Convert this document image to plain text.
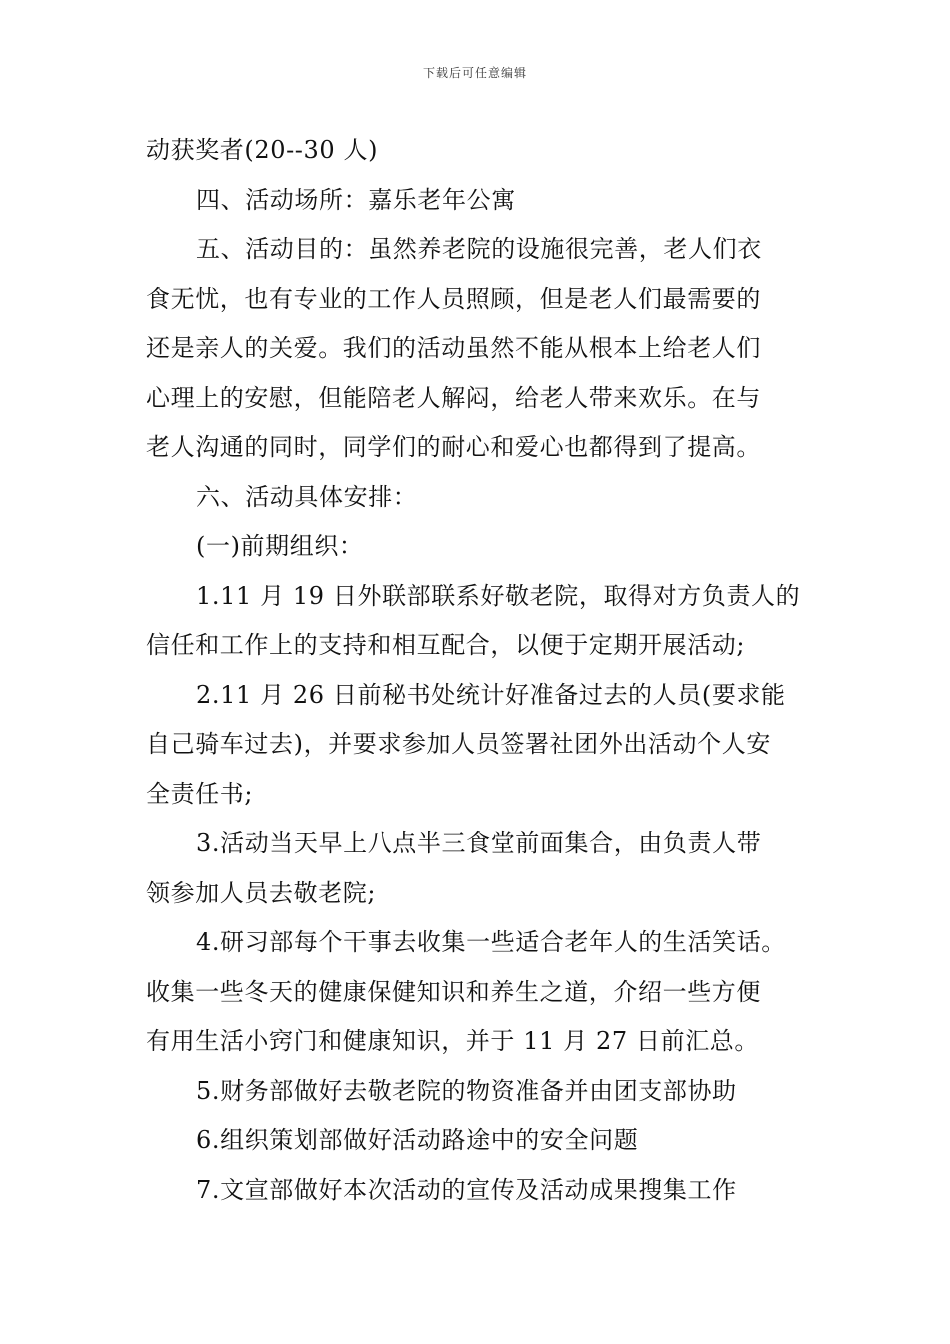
下载后可任意编辑
动获奖者(20--30 人)
四、活动场所：嘉乐老年公寓
五、活动目的：虽然养老院的设施很完善，老人们衣
食无忧，也有专业的工作人员照顾，但是老人们最需要的
还是亲人的关爱。我们的活动虽然不能从根本上给老人们
心理上的安慰，但能陪老人解闷，给老人带来欢乐。在与
老人沟通的同时，同学们的耐心和爱心也都得到了提高。
六、活动具体安排：
(一)前期组织：
1.11 月 19 日外联部联系好敬老院，取得对方负责人的
信任和工作上的支持和相互配合，以便于定期开展活动;
2.11 月 26 日前秘书处统计好准备过去的人员(要求能
自己骑车过去)，并要求参加人员签署社团外出活动个人安
全责任书;
3.活动当天早上八点半三食堂前面集合，由负责人带
领参加人员去敬老院;
4.研习部每个干事去收集一些适合老年人的生活笑话。
收集一些冬天的健康保健知识和养生之道，介绍一些方便
有用生活小窍门和健康知识，并于 11 月 27 日前汇总。
5.财务部做好去敬老院的物资准备并由团支部协助
6.组织策划部做好活动路途中的安全问题
7.文宣部做好本次活动的宣传及活动成果搜集工作
